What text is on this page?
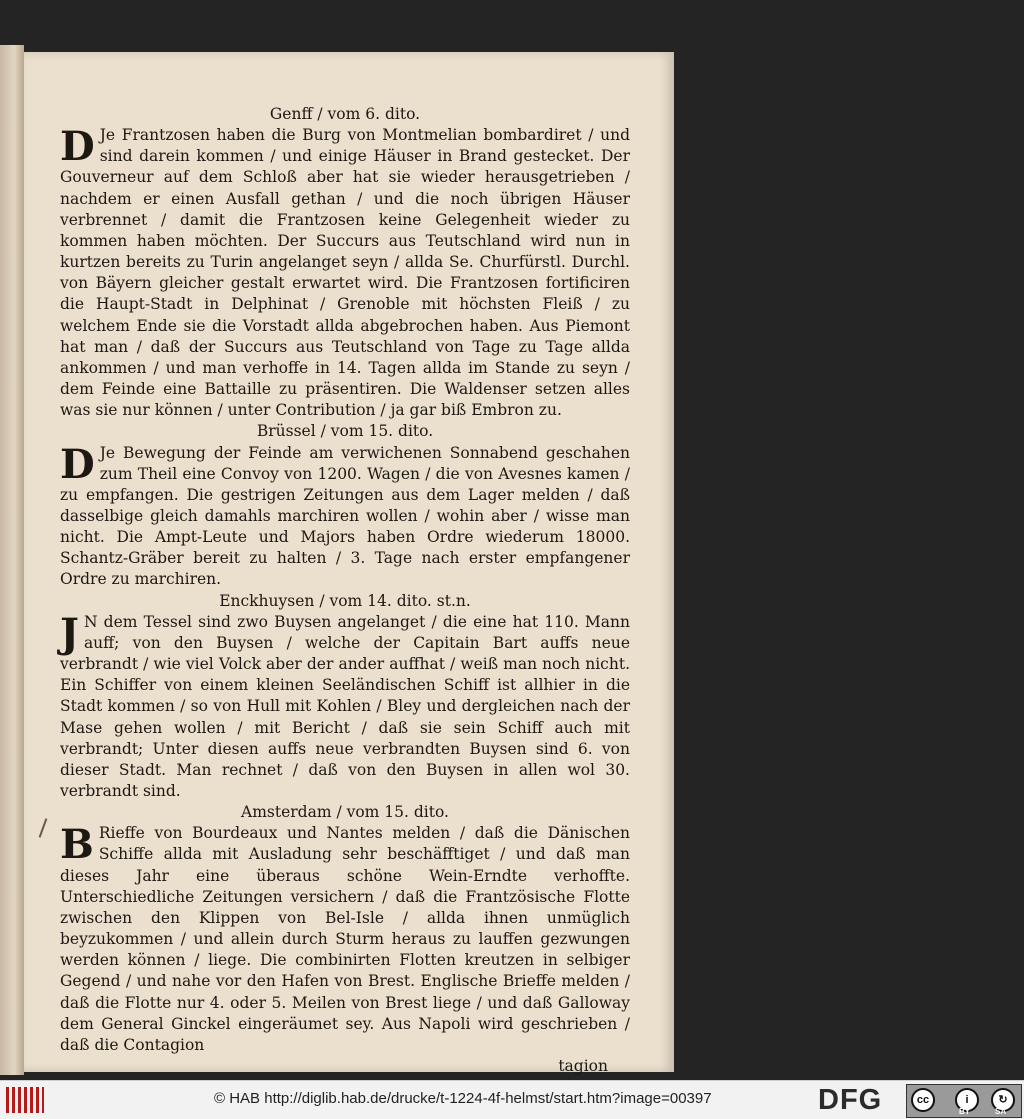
Genff / vom 6. dito.
D Je Frantzosen haben die Burg von Montmelian bombardiret / und sind darein kommen / und einige Häuser in Brand gestecket. Der Gouverneur auf dem Schloß aber hat sie wieder herausgetrieben / nachdem er einen Ausfall gethan / und die noch übrigen Häuser verbrennet / damit die Frantzosen keine Gelegenheit wieder zu kommen haben möchten. Der Succurs aus Teutschland wird nun in kurtzen bereits zu Turin angelanget seyn / allda Se. Churfürstl. Durchl. von Bäyern gleicher gestalt erwartet wird. Die Frantzosen fortificiren die Haupt-Stadt in Delphinat / Grenoble mit höchsten Fleiß / zu welchem Ende sie die Vorstadt allda abgebrochen haben. Aus Piemont hat man / daß der Succurs aus Teutschland von Tage zu Tage allda ankommen / und man verhoffe in 14. Tagen allda im Stande zu seyn / dem Feinde eine Battaille zu präsentiren. Die Waldenser setzen alles was sie nur können / unter Contribution / ja gar biß Embron zu.
Brüssel / vom 15. dito.
D Je Bewegung der Feinde am verwichenen Sonnabend geschahen zum Theil eine Convoy von 1200. Wagen / die von Avesnes kamen / zu empfangen. Die gestrigen Zeitungen aus dem Lager melden / daß dasselbige gleich damahls marchiren wollen / wohin aber / wisse man nicht. Die Ampt-Leute und Majors haben Ordre wiederum 18000. Schantz-Gräber bereit zu halten / 3. Tage nach erster empfangener Ordre zu marchiren.
Enckhuysen / vom 14. dito. st.n.
J N dem Tessel sind zwo Buysen angelanget / die eine hat 110. Mann auff; von den Buysen / welche der Capitain Bart auffs neue verbrandt / wie viel Volck aber der ander auffhat / weiß man noch nicht. Ein Schiffer von einem kleinen Seeländischen Schiff ist allhier in die Stadt kommen / so von Hull mit Kohlen / Bley und dergleichen nach der Mase gehen wollen / mit Bericht / daß sie sein Schiff auch mit verbrandt; Unter diesen auffs neue verbrandten Buysen sind 6. von dieser Stadt. Man rechnet / daß von den Buysen in allen wol 30. verbrandt sind.
Amsterdam / vom 15. dito.
B Rieffe von Bourdeaux und Nantes melden / daß die Dänischen Schiffe allda mit Ausladung sehr beschäfftiget / und daß man dieses Jahr eine überaus schöne Wein-Erndte verhoffte. Unterschiedliche Zeitungen versichern / daß die Frantzösische Flotte zwischen den Klippen von Bel-Isle / allda ihnen unmüglich beyzukommen / und allein durch Sturm heraus zu lauffen gezwungen werden können / liege. Die combinirten Flotten kreutzen in selbiger Gegend / und nahe vor den Hafen von Brest. Englische Brieffe melden / daß die Flotte nur 4. oder 5. Meilen von Brest liege / und daß Galloway dem General Ginckel eingeräumet sey. Aus Napoli wird geschrieben / daß die Contagion
tagion
© HAB http://diglib.hab.de/drucke/t-1224-4f-helmst/start.htm?image=00397	DFG	cc	i	↻
BY	SA
